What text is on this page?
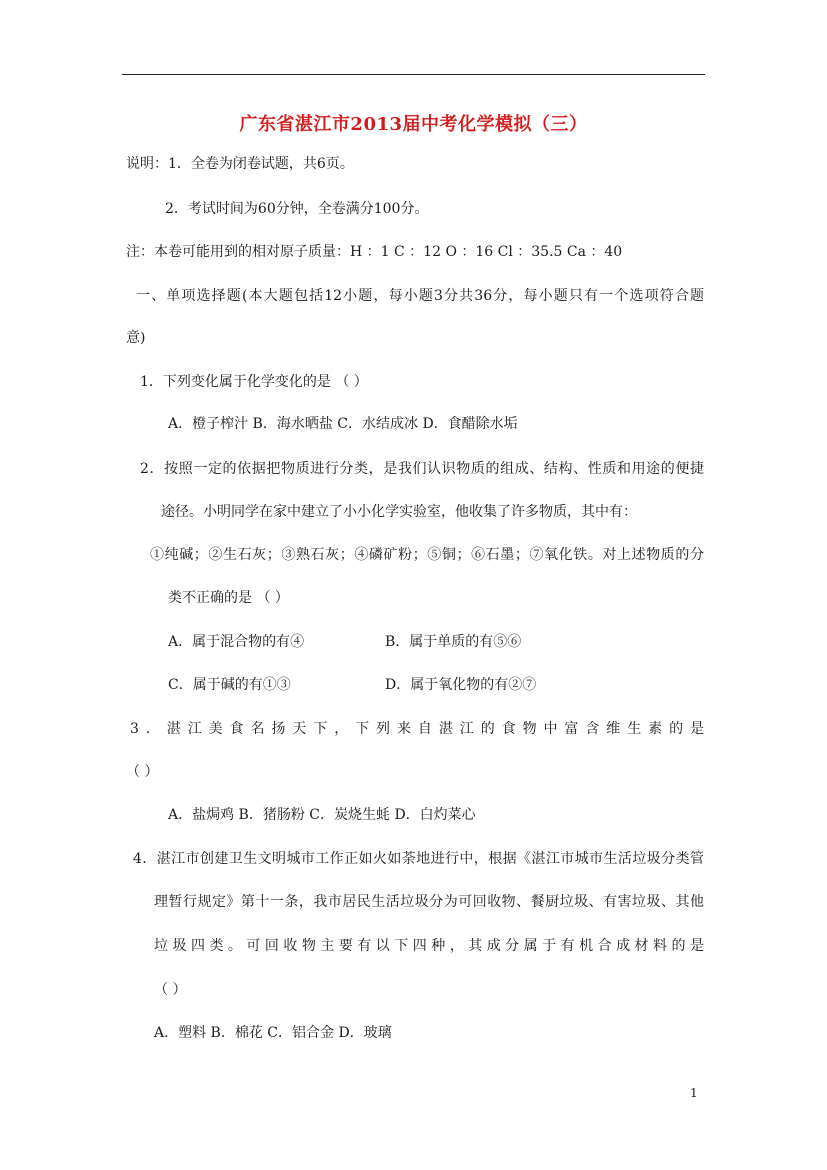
广东省湛江市2013届中考化学模拟（三）
说明：1．全卷为闭卷试题，共6页。
2．考试时间为60分钟，全卷满分100分。
注：本卷可能用到的相对原子质量：H ：1 C ：12 O ：16 Cl ：35.5 Ca ：40
一、单项选择题(本大题包括12小题，每小题3分共36分，每小题只有一个选项符合题
意)
1．下列变化属于化学变化的是 （ ）
A．橙子榨汁 B．海水晒盐 C．水结成冰 D．食醋除水垢
2．按照一定的依据把物质进行分类，是我们认识物质的组成、结构、性质和用途的便捷
途径。小明同学在家中建立了小小化学实验室，他收集了许多物质，其中有：
①纯碱；②生石灰；③熟石灰；④磷矿粉；⑤铜；⑥石墨；⑦氧化铁。对上述物质的分
类不正确的是 （ ）
A．属于混合物的有④	B．属于单质的有⑤⑥
C．属于碱的有①③	D．属于氧化物的有②⑦
3．湛江美食名扬天下，下列来自湛江的食物中富含维生素的是
（ ）
A．盐焗鸡 B．猪肠粉 C．炭烧生蚝 D．白灼菜心
4．湛江市创建卫生文明城市工作正如火如荼地进行中，根据《湛江市城市生活垃圾分类管
理暂行规定》第十一条，我市居民生活垃圾分为可回收物、餐厨垃圾、有害垃圾、其他
垃圾四类。可回收物主要有以下四种，其成分属于有机合成材料的是
（ ）
A．塑料 B．棉花 C．铝合金 D．玻璃
1
